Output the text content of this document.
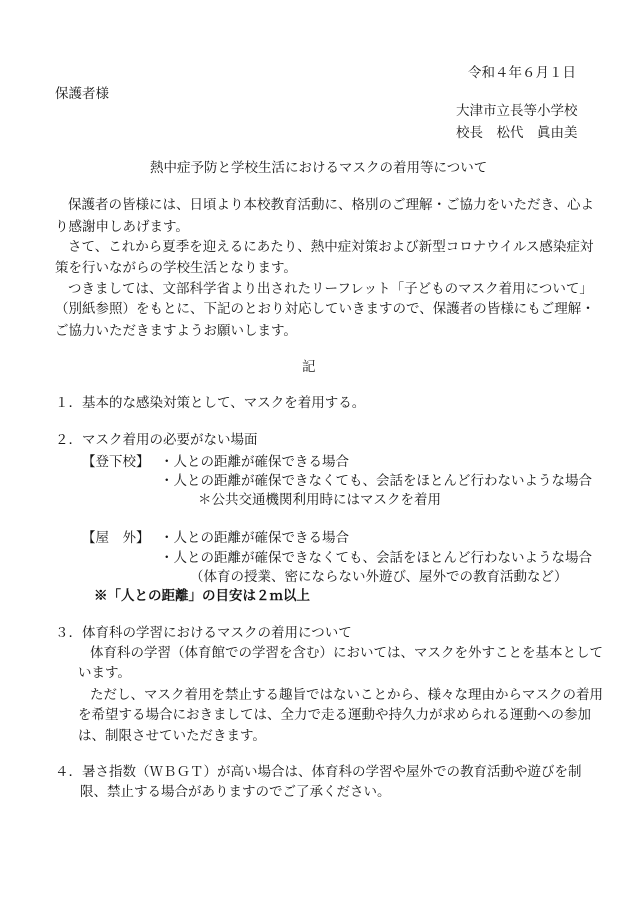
令和４年６月１日
保護者様
大津市立長等小学校
校長　松代　眞由美
熱中症予防と学校生活におけるマスクの着用等について
保護者の皆様には、日頃より本校教育活動に、格別のご理解・ご協力をいただき、心よ
り感謝申しあげます。
さて、これから夏季を迎えるにあたり、熱中症対策および新型コロナウイルス感染症対
策を行いながらの学校生活となります。
つきましては、文部科学省より出されたリーフレット「子どものマスク着用について」
（別紙参照）をもとに、下記のとおり対応していきますので、保護者の皆様にもご理解・
ご協力いただきますようお願いします。
記
１．基本的な感染対策として、マスクを着用する。
２．マスク着用の必要がない場面
【登下校】 ・人との距離が確保できる場合
・人との距離が確保できなくても、会話をほとんど行わないような場合
＊公共交通機関利用時にはマスクを着用
【屋　外】 ・人との距離が確保できる場合
・人との距離が確保できなくても、会話をほとんど行わないような場合
（体育の授業、密にならない外遊び、屋外での教育活動など）
※「人との距離」の目安は２ｍ以上
３．体育科の学習におけるマスクの着用について
体育科の学習（体育館での学習を含む）においては、マスクを外すことを基本として
います。
ただし、マスク着用を禁止する趣旨ではないことから、様々な理由からマスクの着用
を希望する場合におきましては、全力で走る運動や持久力が求められる運動への参加
は、制限させていただきます。
４．暑さ指数（ＷＢＧＴ）が高い場合は、体育科の学習や屋外での教育活動や遊びを制
限、禁止する場合がありますのでご了承ください。
